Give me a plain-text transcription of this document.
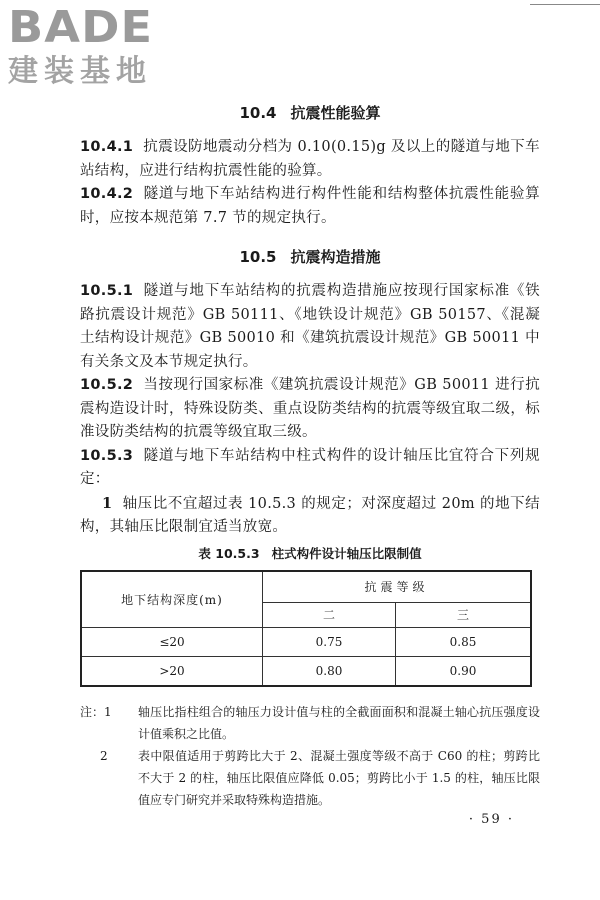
BADE
建装基地
10.4 抗震性能验算

10.4.1 抗震设防地震动分档为 0.10(0.15)g 及以上的隧道与地下车站结构，应进行结构抗震性能的验算。

10.4.2 隧道与地下车站结构进行构件性能和结构整体抗震性能验算时，应按本规范第 7.7 节的规定执行。

10.5 抗震构造措施

10.5.1 隧道与地下车站结构的抗震构造措施应按现行国家标准《铁路抗震设计规范》GB 50111、《地铁设计规范》GB 50157、《混凝土结构设计规范》GB 50010 和《建筑抗震设计规范》GB 50011 中有关条文及本节规定执行。

10.5.2 当按现行国家标准《建筑抗震设计规范》GB 50011 进行抗震构造设计时，特殊设防类、重点设防类结构的抗震等级宜取二级，标准设防类结构的抗震等级宜取三级。

10.5.3 隧道与地下车站结构中柱式构件的设计轴压比宜符合下列规定：

1 轴压比不宜超过表 10.5.3 的规定；对深度超过 20m 的地下结构，其轴压比限制宜适当放宽。

表 10.5.3 柱式构件设计轴压比限制值
地下结构深度(m)	抗震等级	
	二	三
≤20	0.75	0.85
>20	0.80	0.90
注：1	轴压比指柱组合的轴压力设计值与柱的全截面面积和混凝土轴心抗压强度设计值乘积之比值。
2	表中限值适用于剪跨比大于 2、混凝土强度等级不高于 C60 的柱；剪跨比不大于 2 的柱，轴压比限值应降低 0.05；剪跨比小于 1.5 的柱，轴压比限值应专门研究并采取特殊构造措施。
· 59 ·
